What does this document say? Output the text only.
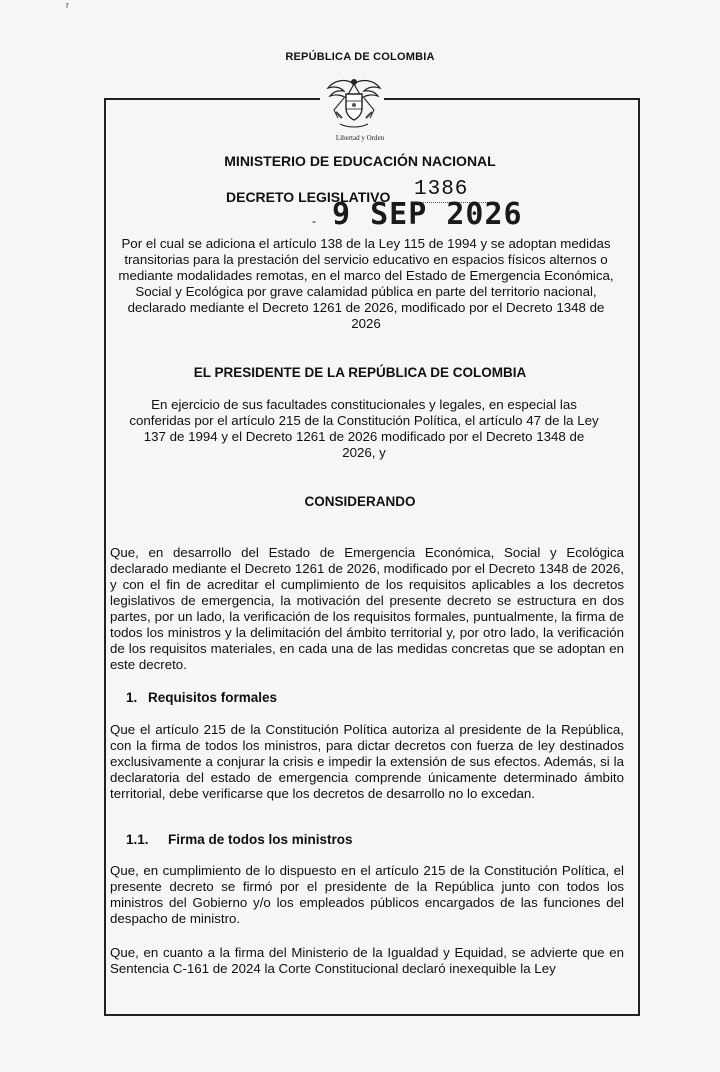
r
REPÚBLICA DE COLOMBIA
Libertad y Orden
MINISTERIO DE EDUCACIÓN NACIONAL
DECRETO LEGISLATIVO 1386
- 9 SEP 2026
Por el cual se adiciona el artículo 138 de la Ley 115 de 1994 y se adoptan medidas transitorias para la prestación del servicio educativo en espacios físicos alternos o mediante modalidades remotas, en el marco del Estado de Emergencia Económica, Social y Ecológica por grave calamidad pública en parte del territorio nacional, declarado mediante el Decreto 1261 de 2026, modificado por el Decreto 1348 de 2026
EL PRESIDENTE DE LA REPÚBLICA DE COLOMBIA
En ejercicio de sus facultades constitucionales y legales, en especial las conferidas por el artículo 215 de la Constitución Política, el artículo 47 de la Ley 137 de 1994 y el Decreto 1261 de 2026 modificado por el Decreto 1348 de 2026, y
CONSIDERANDO
Que, en desarrollo del Estado de Emergencia Económica, Social y Ecológica declarado mediante el Decreto 1261 de 2026, modificado por el Decreto 1348 de 2026, y con el fin de acreditar el cumplimiento de los requisitos aplicables a los decretos legislativos de emergencia, la motivación del presente decreto se estructura en dos partes, por un lado, la verificación de los requisitos formales, puntualmente, la firma de todos los ministros y la delimitación del ámbito territorial y, por otro lado, la verificación de los requisitos materiales, en cada una de las medidas concretas que se adoptan en este decreto.
1. Requisitos formales
Que el artículo 215 de la Constitución Política autoriza al presidente de la República, con la firma de todos los ministros, para dictar decretos con fuerza de ley destinados exclusivamente a conjurar la crisis e impedir la extensión de sus efectos. Además, si la declaratoria del estado de emergencia comprende únicamente determinado ámbito territorial, debe verificarse que los decretos de desarrollo no lo excedan.
1.1. Firma de todos los ministros
Que, en cumplimiento de lo dispuesto en el artículo 215 de la Constitución Política, el presente decreto se firmó por el presidente de la República junto con todos los ministros del Gobierno y/o los empleados públicos encargados de las funciones del despacho de ministro.
Que, en cuanto a la firma del Ministerio de la Igualdad y Equidad, se advierte que en Sentencia C-161 de 2024 la Corte Constitucional declaró inexequible la Ley
